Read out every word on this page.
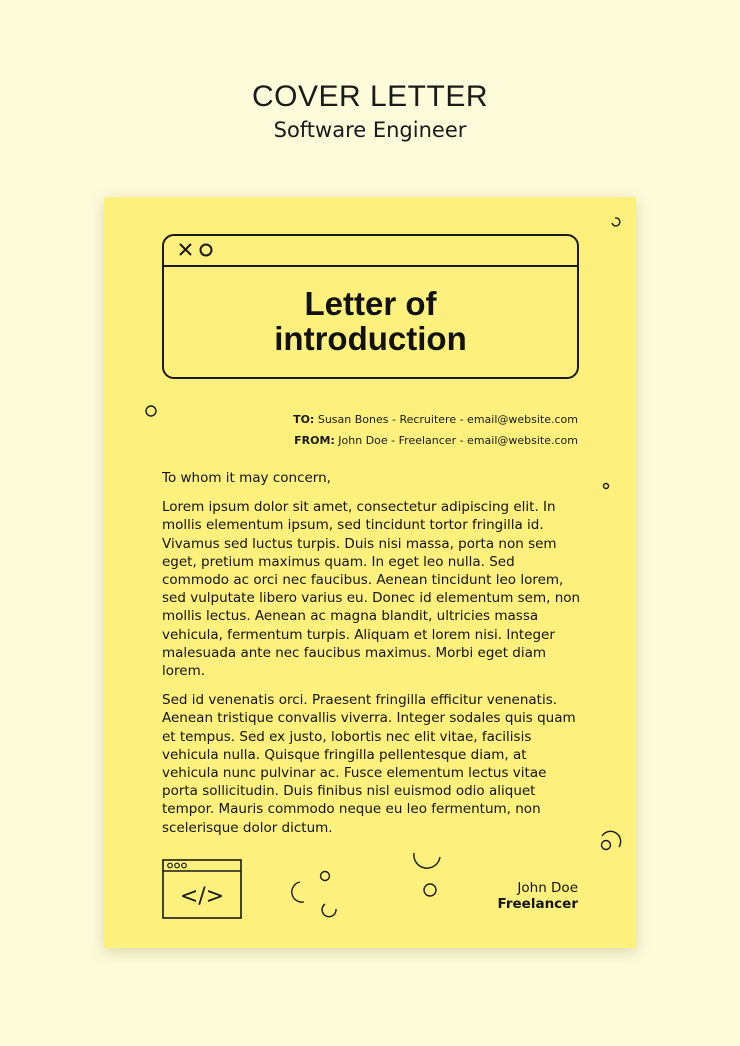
COVER LETTER
Software Engineer
Letter of
introduction
TO: Susan Bones - Recruitere - email@website.com
FROM: John Doe - Freelancer - email@website.com

To whom it may concern,

Lorem ipsum dolor sit amet, consectetur adipiscing elit. In mollis elementum ipsum, sed tincidunt tortor fringilla id. Vivamus sed luctus turpis. Duis nisi massa, porta non sem eget, pretium maximus quam. In eget leo nulla. Sed commodo ac orci nec faucibus. Aenean tincidunt leo lorem, sed vulputate libero varius eu. Donec id elementum sem, non mollis lectus. Aenean ac magna blandit, ultricies massa vehicula, fermentum turpis. Aliquam et lorem nisi. Integer malesuada ante nec faucibus maximus. Morbi eget diam lorem.

Sed id venenatis orci. Praesent fringilla efficitur venenatis. Aenean tristique convallis viverra. Integer sodales quis quam et tempus. Sed ex justo, lobortis nec elit vitae, facilisis vehicula nulla. Quisque fringilla pellentesque diam, at vehicula nunc pulvinar ac. Fusce elementum lectus vitae porta sollicitudin. Duis finibus nisl euismod odio aliquet tempor. Mauris commodo neque eu leo fermentum, non scelerisque dolor dictum.

</>	John Doe
Freelancer
